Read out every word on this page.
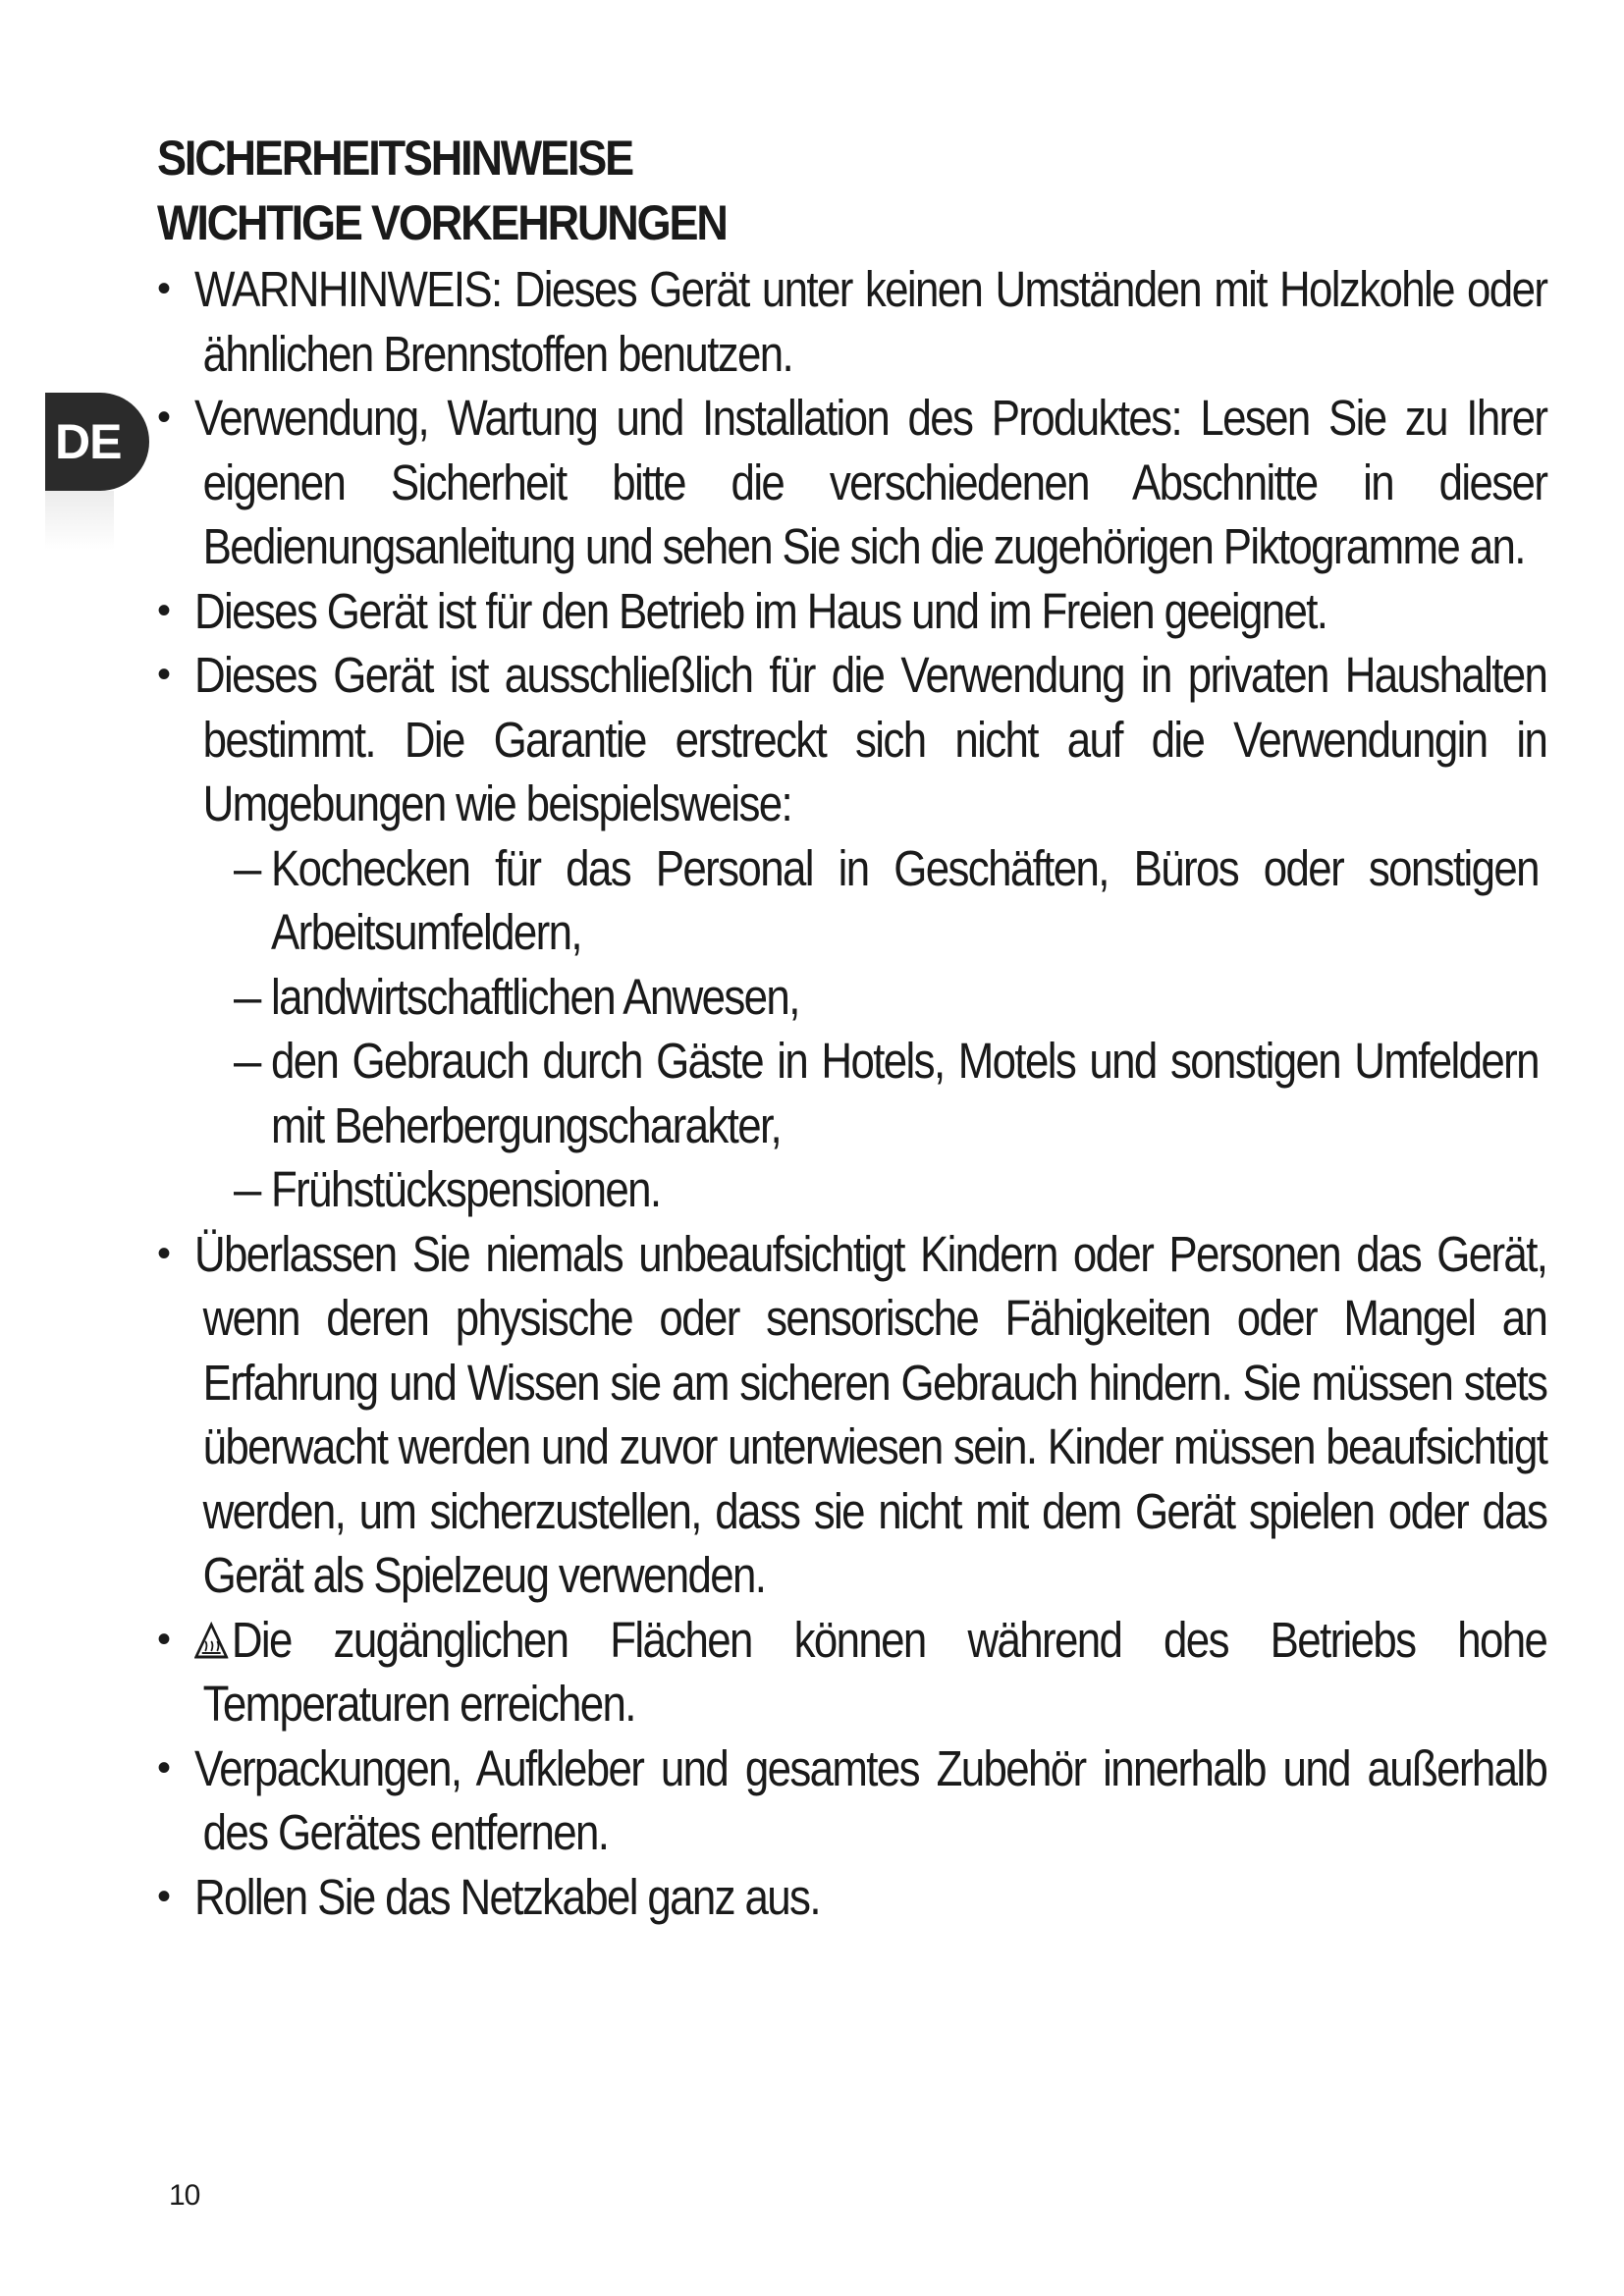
DE
SICHERHEITSHINWEISE
WICHTIGE VORKEHRUNGEN
• WARNHINWEIS: Dieses Gerät unter keinen Umständen mit Holzkohle oder ähnlichen Brennstoffen benutzen.
• Verwendung, Wartung und Installation des Produktes: Lesen Sie zu Ihrer eigenen Sicherheit bitte die verschiedenen Abschnitte in dieser Bedienungsanleitung und sehen Sie sich die zugehörigen Piktogramme an.
• Dieses Gerät ist für den Betrieb im Haus und im Freien geeignet.
• Dieses Gerät ist ausschließlich für die Verwendung in privaten Haushalten bestimmt. Die Garantie erstreckt sich nicht auf die Verwendungin in Umgebungen wie beispielsweise:
– Kochecken für das Personal in Geschäften, Büros oder sonstigen Arbeitsumfeldern,
– landwirtschaftlichen Anwesen,
– den Gebrauch durch Gäste in Hotels, Motels und sonstigen Umfeldern mit Beherbergungscharakter,
– Frühstückspensionen.
• Überlassen Sie niemals unbeaufsichtigt Kindern oder Personen das Gerät, wenn deren physische oder sensorische Fähigkeiten oder Mangel an Erfahrung und Wissen sie am sicheren Gebrauch hindern. Sie müssen stets überwacht werden und zuvor unterwiesen sein. Kinder müssen beaufsichtigt werden, um sicherzustellen, dass sie nicht mit dem Gerät spielen oder das Gerät als Spielzeug verwenden.
• Die zugänglichen Flächen können während des Betriebs hohe Temperaturen erreichen.
• Verpackungen, Aufkleber und gesamtes Zubehör innerhalb und außerhalb des Gerätes entfernen.
• Rollen Sie das Netzkabel ganz aus.
10
